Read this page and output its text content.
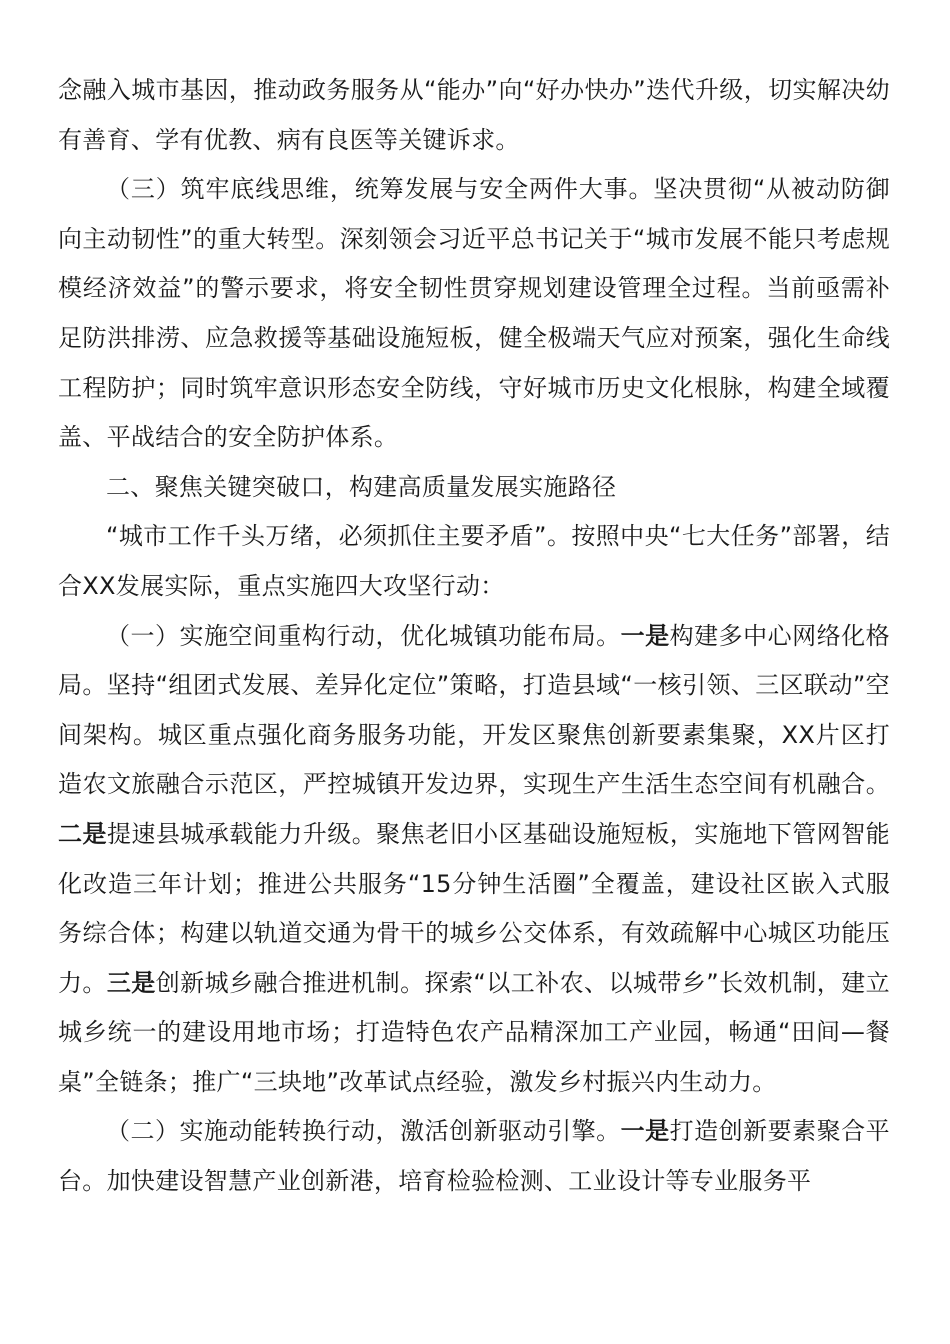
念融入城市基因，推动政务服务从“能办”向“好办快办”迭代升级，切实解决幼有善育、学有优教、病有良医等关键诉求。

（三）筑牢底线思维，统筹发展与安全两件大事。坚决贯彻“从被动防御向主动韧性”的重大转型。深刻领会习近平总书记关于“城市发展不能只考虑规模经济效益”的警示要求，将安全韧性贯穿规划建设管理全过程。当前亟需补足防洪排涝、应急救援等基础设施短板，健全极端天气应对预案，强化生命线工程防护；同时筑牢意识形态安全防线，守好城市历史文化根脉，构建全域覆盖、平战结合的安全防护体系。

二、聚焦关键突破口，构建高质量发展实施路径

“城市工作千头万绪，必须抓住主要矛盾”。按照中央“七大任务”部署，结合XX发展实际，重点实施四大攻坚行动：

（一）实施空间重构行动，优化城镇功能布局。一是构建多中心网络化格局。坚持“组团式发展、差异化定位”策略，打造县域“一核引领、三区联动”空间架构。城区重点强化商务服务功能，开发区聚焦创新要素集聚，XX片区打造农文旅融合示范区，严控城镇开发边界，实现生产生活生态空间有机融合。二是提速县城承载能力升级。聚焦老旧小区基础设施短板，实施地下管网智能化改造三年计划；推进公共服务“15分钟生活圈”全覆盖，建设社区嵌入式服务综合体；构建以轨道交通为骨干的城乡公交体系，有效疏解中心城区功能压力。三是创新城乡融合推进机制。探索“以工补农、以城带乡”长效机制，建立城乡统一的建设用地市场；打造特色农产品精深加工产业园，畅通“田间—餐桌”全链条；推广“三块地”改革试点经验，激发乡村振兴内生动力。

（二）实施动能转换行动，激活创新驱动引擎。一是打造创新要素聚合平台。加快建设智慧产业创新港，培育检验检测、工业设计等专业服务平
